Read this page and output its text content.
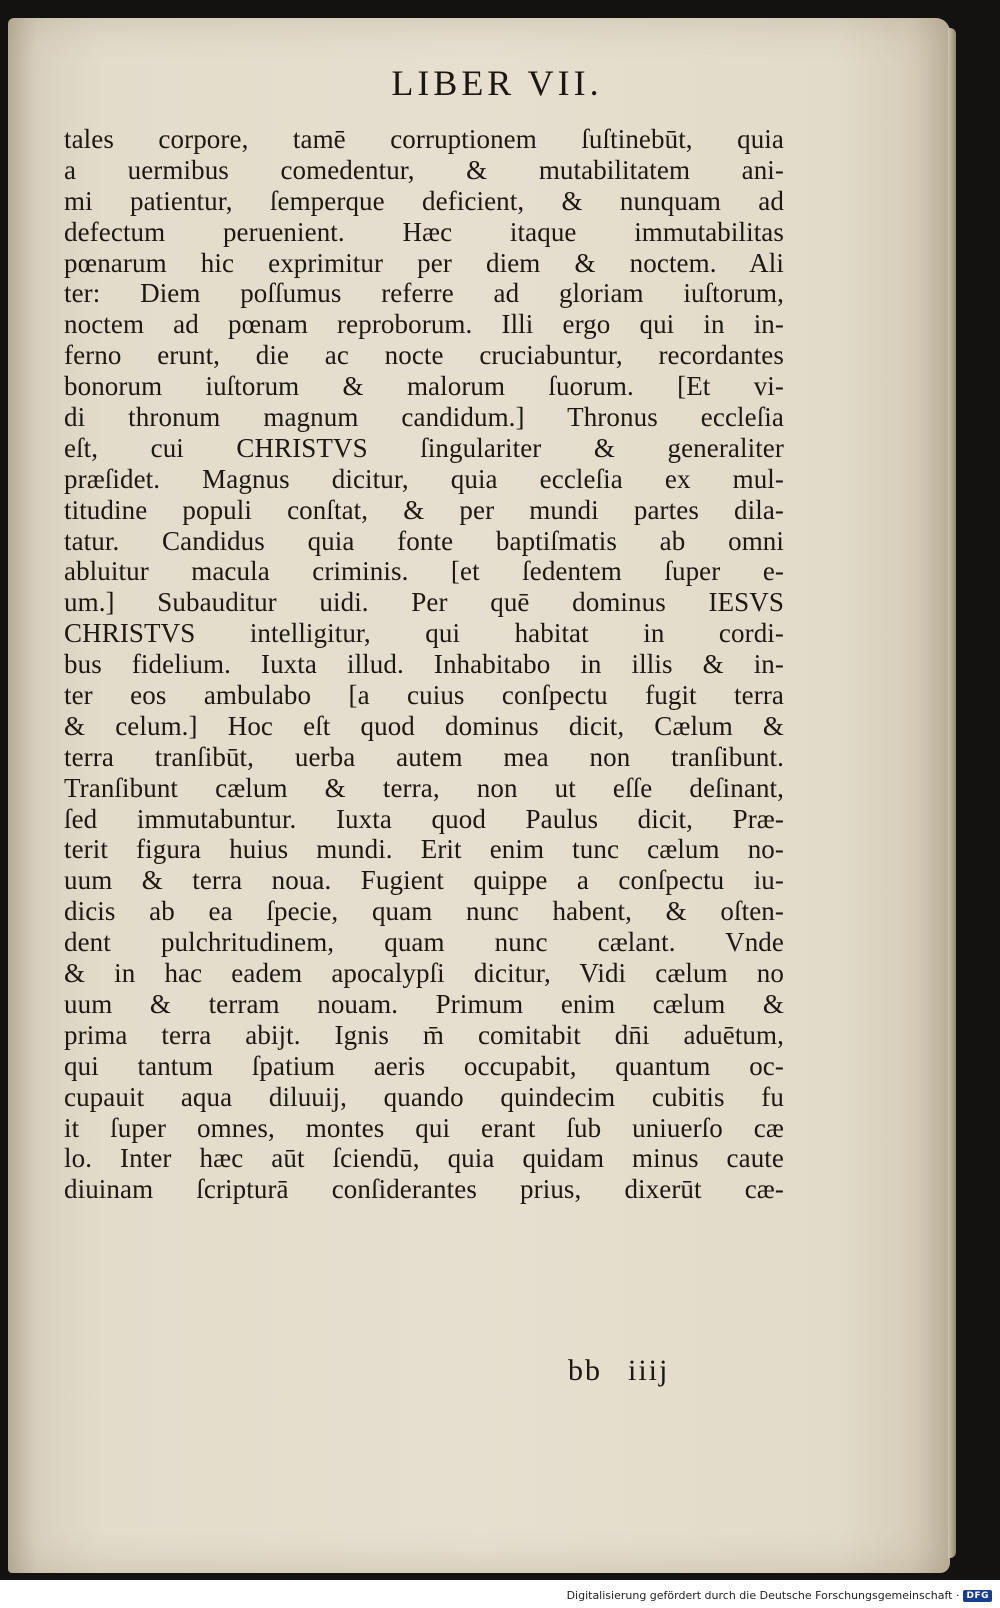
LIBER VII.
tales corpore, tamē corruptionem ſuſtinebūt, quia
a uermibus comedentur, & mutabilitatem ani-
mi patientur, ſemperque deficient, & nunquam ad
defectum peruenient. Hæc itaque immutabilitas
pœnarum hic exprimitur per diem & noctem. Ali
ter: Diem poſſumus referre ad gloriam iuſtorum,
noctem ad pœnam reproborum. Illi ergo qui in in-
ferno erunt, die ac nocte cruciabuntur, recordantes
bonorum iuſtorum & malorum ſuorum. [Et vi-
di thronum magnum candidum.] Thronus eccleſia
eſt, cui CHRISTVS ſingulariter & generaliter
præſidet. Magnus dicitur, quia eccleſia ex mul-
titudine populi conſtat, & per mundi partes dila-
tatur. Candidus quia fonte baptiſmatis ab omni
abluitur macula criminis. [et ſedentem ſuper e-
um.] Subauditur uidi. Per quē dominus IESVS
CHRISTVS intelligitur, qui habitat in cordi-
bus fidelium. Iuxta illud. Inhabitabo in illis & in-
ter eos ambulabo [a cuius conſpectu fugit terra
& celum.] Hoc eſt quod dominus dicit, Cælum &
terra tranſibūt, uerba autem mea non tranſibunt.
Tranſibunt cælum & terra, non ut eſſe deſinant,
ſed immutabuntur. Iuxta quod Paulus dicit, Præ-
terit figura huius mundi. Erit enim tunc cælum no-
uum & terra noua. Fugient quippe a conſpectu iu-
dicis ab ea ſpecie, quam nunc habent, & oſten-
dent pulchritudinem, quam nunc cælant. Vnde
& in hac eadem apocalypſi dicitur, Vidi cælum no
uum & terram nouam. Primum enim cælum &
prima terra abijt. Ignis m̄ comitabit dn̄i aduētum,
qui tantum ſpatium aeris occupabit, quantum oc-
cupauit aqua diluuij, quando quindecim cubitis fu
it ſuper omnes, montes qui erant ſub uniuerſo cæ
lo. Inter hæc aūt ſciendū, quia quidam minus caute
diuinam ſcripturā conſiderantes prius, dixerūt cæ-
bb iiij
Digitalisierung gefördert durch die Deutsche Forschungsgemeinschaft · DFG
